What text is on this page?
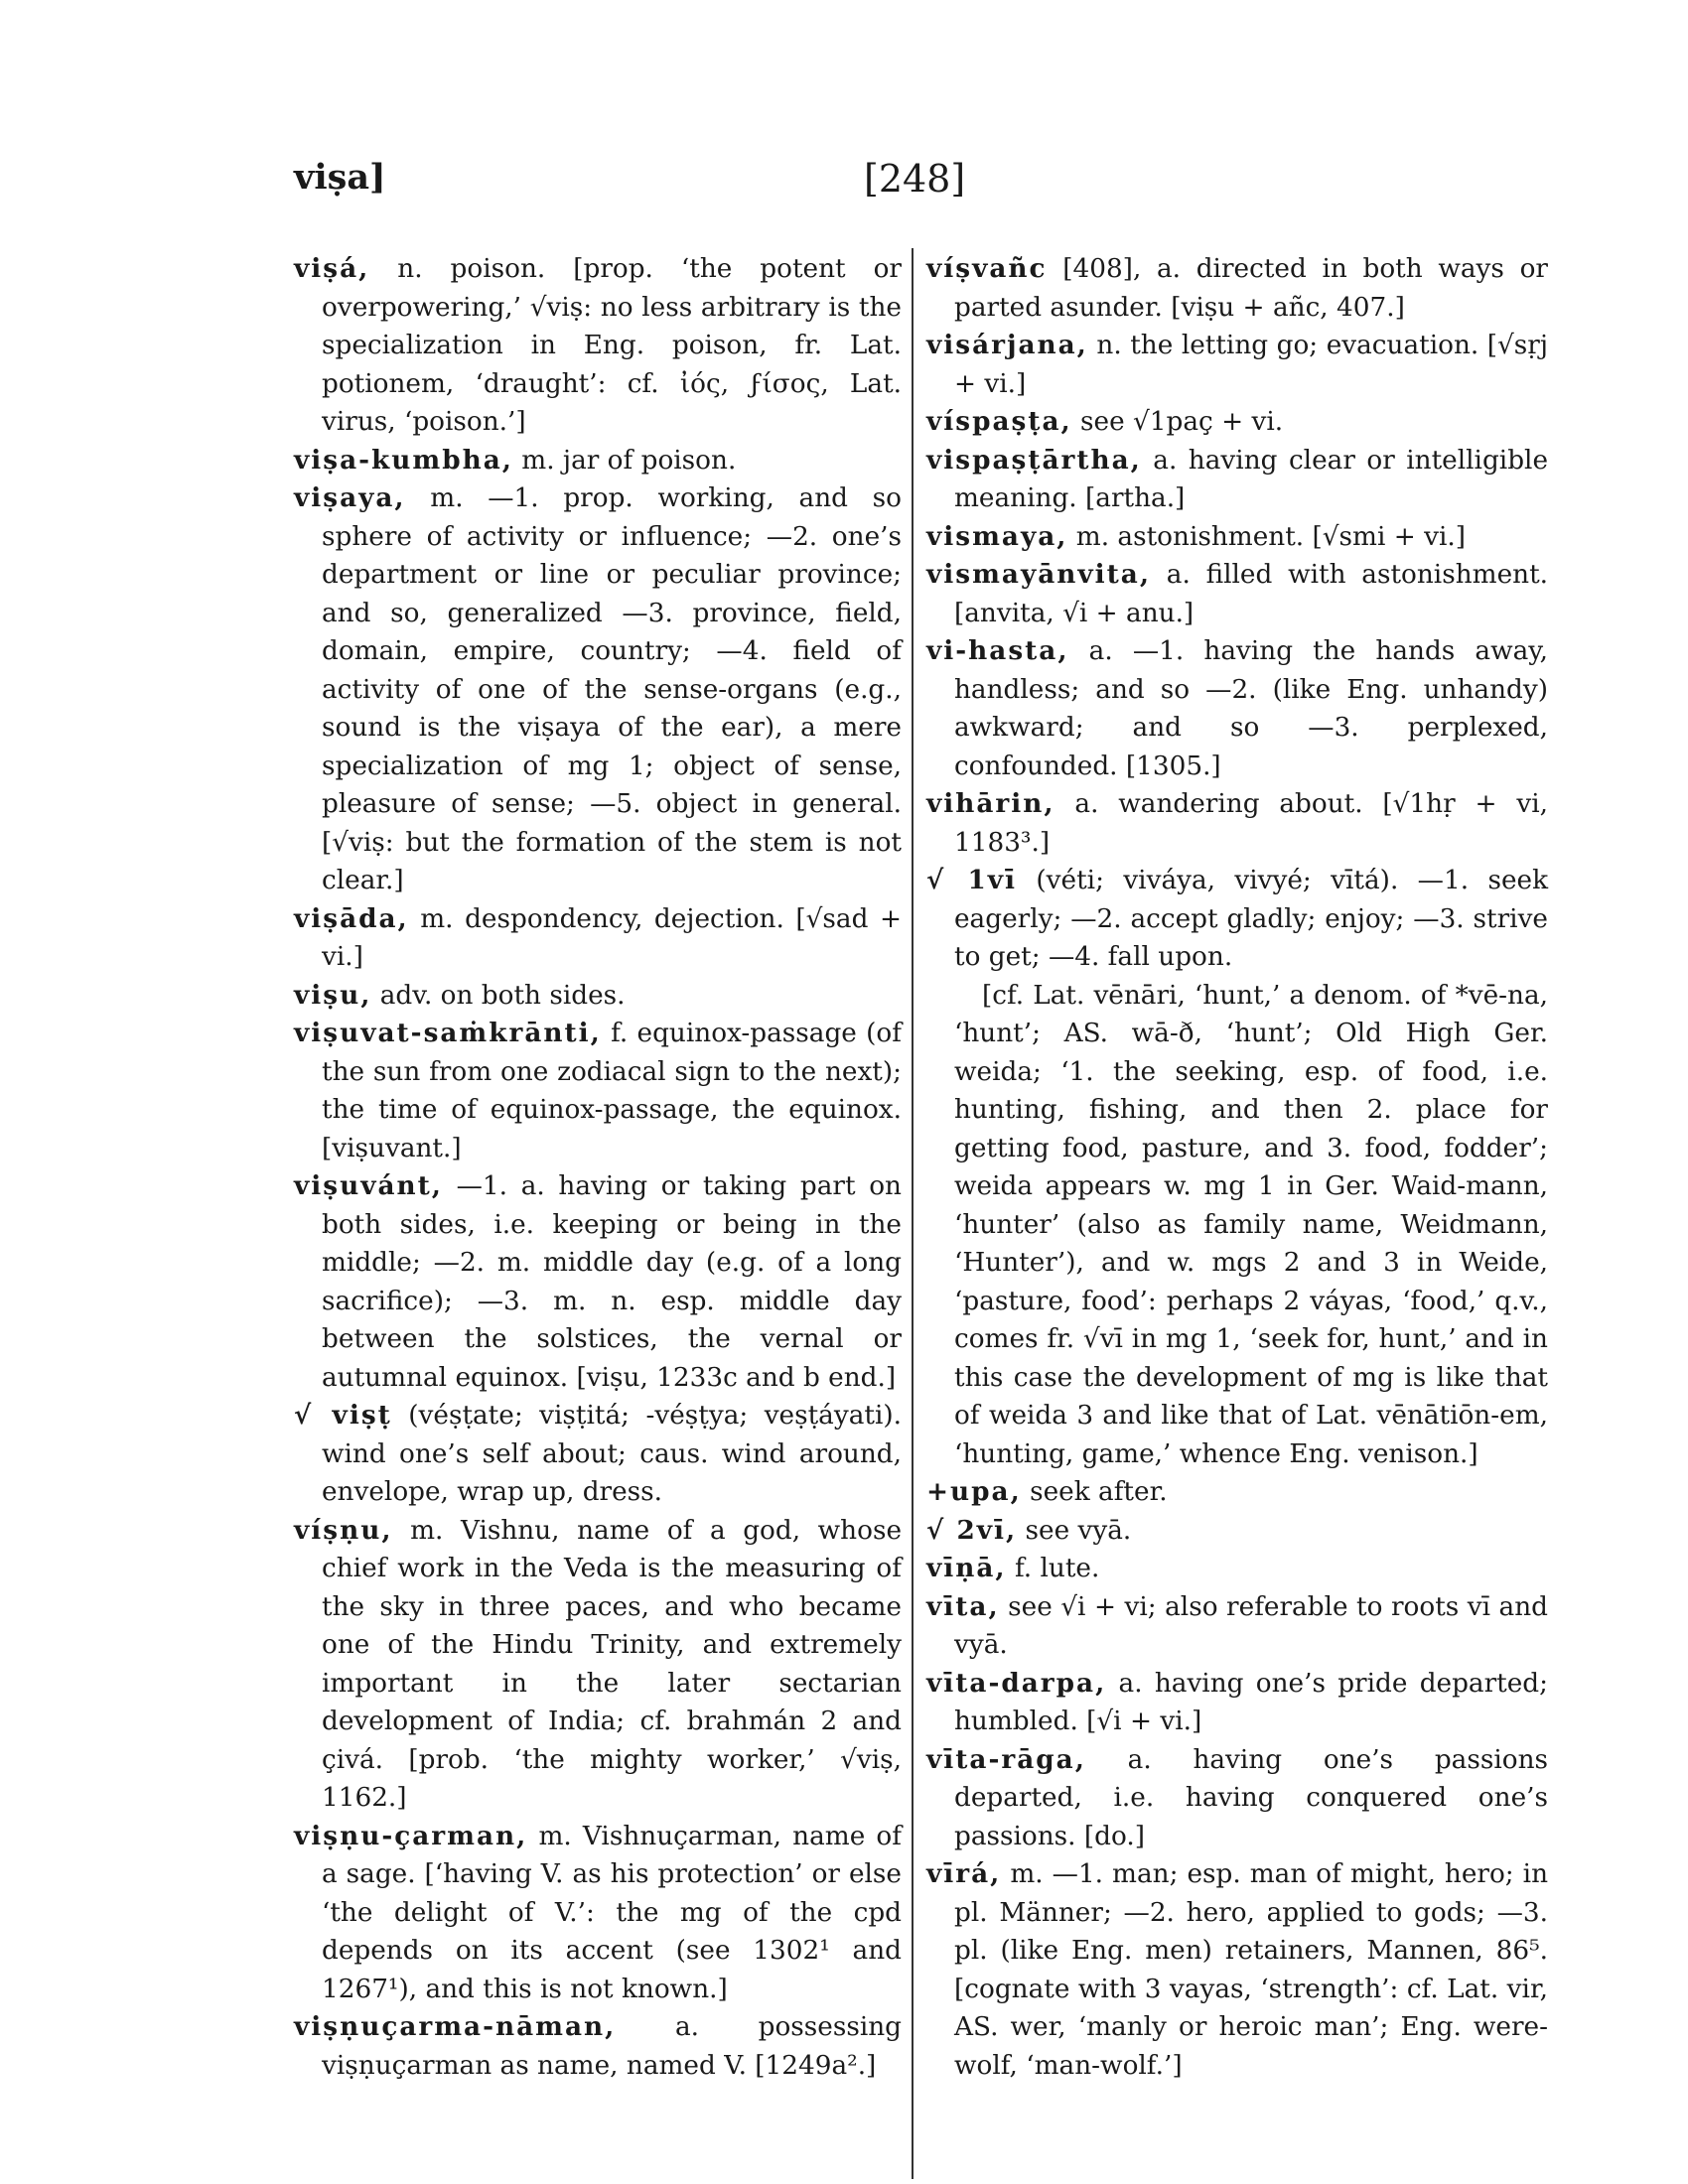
viṣa]	[248]

viṣá, n. poison. [prop. ‘the potent or overpowering,’ √viṣ: no less arbitrary is the specialization in Eng. poison, fr. Lat. potionem, ‘draught’: cf. ἰός, ϝίσος, Lat. virus, ‘poison.’]

viṣa-kumbha, m. jar of poison.

viṣaya, m. —1. prop. working, and so sphere of activity or influence; —2. one’s department or line or peculiar province; and so, generalized —3. province, field, domain, empire, country; —4. field of activity of one of the sense-organs (e.g., sound is the viṣaya of the ear), a mere specialization of mg 1; object of sense, pleasure of sense; —5. object in general. [√viṣ: but the formation of the stem is not clear.]

viṣāda, m. despondency, dejection. [√sad + vi.]

viṣu, adv. on both sides.

viṣuvat-saṁkrānti, f. equinox-passage (of the sun from one zodiacal sign to the next); the time of equinox-passage, the equinox. [viṣuvant.]

viṣuvánt, —1. a. having or taking part on both sides, i.e. keeping or being in the middle; —2. m. middle day (e.g. of a long sacrifice); —3. m. n. esp. middle day between the solstices, the vernal or autumnal equinox. [viṣu, 1233c and b end.]

√ viṣṭ (véṣṭate; viṣṭitá; -véṣṭya; veṣṭáyati). wind one’s self about; caus. wind around, envelope, wrap up, dress.

víṣṇu, m. Vishnu, name of a god, whose chief work in the Veda is the measuring of the sky in three paces, and who became one of the Hindu Trinity, and extremely important in the later sectarian development of India; cf. brahmán 2 and çivá. [prob. ‘the mighty worker,’ √viṣ, 1162.]

viṣṇu-çarman, m. Vishnuçarman, name of a sage. [‘having V. as his protection’ or else ‘the delight of V.’: the mg of the cpd depends on its accent (see 1302¹ and 1267¹), and this is not known.]

viṣṇuçarma-nāman, a. possessing viṣṇuçarman as name, named V. [1249a².]

víṣvañc [408], a. directed in both ways or parted asunder. [viṣu + añc, 407.]

visárjana, n. the letting go; evacuation. [√sṛj + vi.]

víspaṣṭa, see √1paç + vi.

vispaṣṭārtha, a. having clear or intelligible meaning. [artha.]

vismaya, m. astonishment. [√smi + vi.]

vismayānvita, a. filled with astonishment. [anvita, √i + anu.]

vi-hasta, a. —1. having the hands away, handless; and so —2. (like Eng. unhandy) awkward; and so —3. perplexed, confounded. [1305.]

vihārin, a. wandering about. [√1hṛ + vi, 1183³.]

√ 1vī (véti; viváya, vivyé; vītá). —1. seek eagerly; —2. accept gladly; enjoy; —3. strive to get; —4. fall upon.

[cf. Lat. vēnāri, ‘hunt,’ a denom. of *vē-na, ‘hunt’; AS. wā-ð, ‘hunt’; Old High Ger. weida; ‘1. the seeking, esp. of food, i.e. hunting, fishing, and then 2. place for getting food, pasture, and 3. food, fodder’; weida appears w. mg 1 in Ger. Waid-mann, ‘hunter’ (also as family name, Weidmann, ‘Hunter’), and w. mgs 2 and 3 in Weide, ‘pasture, food’: perhaps 2 váyas, ‘food,’ q.v., comes fr. √vī in mg 1, ‘seek for, hunt,’ and in this case the development of mg is like that of weida 3 and like that of Lat. vēnātiōn-em, ‘hunting, game,’ whence Eng. venison.]

+upa, seek after.

√ 2vī, see vyā.

vīṇā, f. lute.

vīta, see √i + vi; also referable to roots vī and vyā.

vīta-darpa, a. having one’s pride departed; humbled. [√i + vi.]

vīta-rāga, a. having one’s passions departed, i.e. having conquered one’s passions. [do.]

vīrá, m. —1. man; esp. man of might, hero; in pl. Männer; —2. hero, applied to gods; —3. pl. (like Eng. men) retainers, Mannen, 86⁵. [cognate with 3 vayas, ‘strength’: cf. Lat. vir, AS. wer, ‘manly or heroic man’; Eng. were-wolf, ‘man-wolf.’]
